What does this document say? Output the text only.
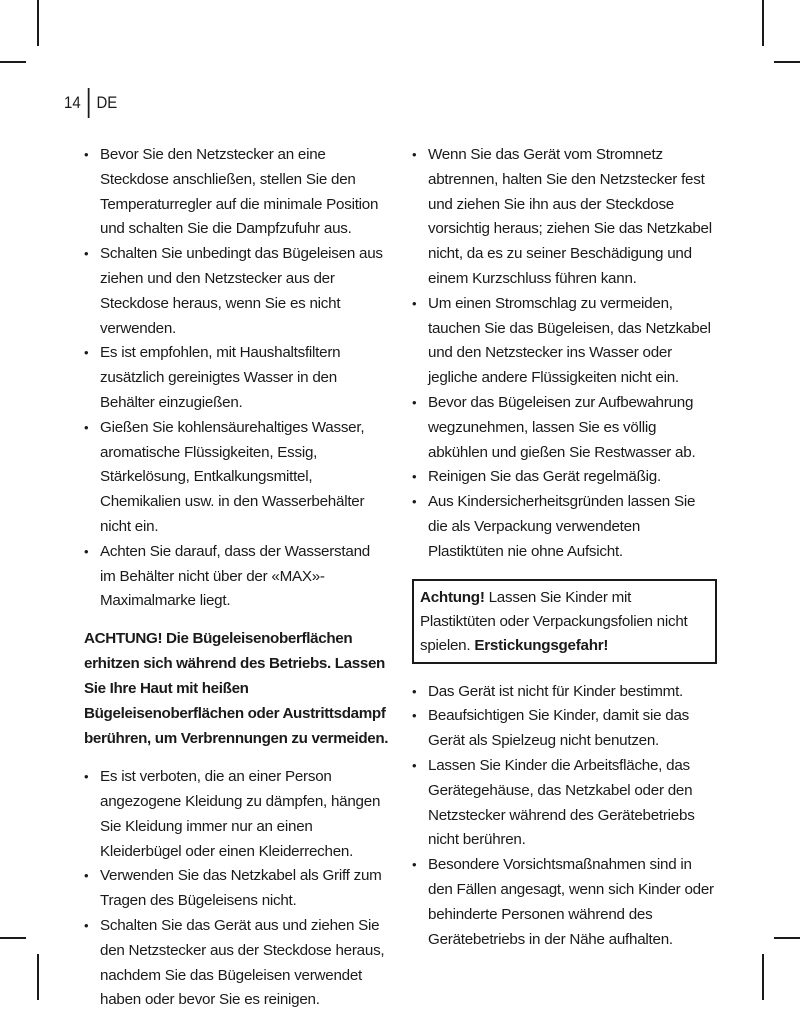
14 DE
• Bevor Sie den Netzstecker an eine Steckdose anschließen, stellen Sie den Temperaturregler auf die minimale Position und schalten Sie die Dampfzufuhr aus.
• Schalten Sie unbedingt das Bügeleisen aus ziehen und den Netzstecker aus der Steckdose heraus, wenn Sie es nicht verwenden.
• Es ist empfohlen, mit Haushaltsfiltern zusätzlich gereinigtes Wasser in den Behälter einzugießen.
• Gießen Sie kohlensäurehaltiges Wasser, aromatische Flüssigkeiten, Essig, Stärkelösung, Entkalkungsmittel, Chemikalien usw. in den Wasserbehälter nicht ein.
• Achten Sie darauf, dass der Wasserstand im Behälter nicht über der «MAX»-Maximalmarke liegt.

ACHTUNG! Die Bügeleisenoberflächen erhitzen sich während des Betriebs. Lassen Sie Ihre Haut mit heißen Bügeleisenoberflächen oder Austrittsdampf berühren, um Verbrennungen zu vermeiden.

• Es ist verboten, die an einer Person angezogene Kleidung zu dämpfen, hängen Sie Kleidung immer nur an einen Kleiderbügel oder einen Kleiderrechen.
• Verwenden Sie das Netzkabel als Griff zum Tragen des Bügeleisens nicht.
• Schalten Sie das Gerät aus und ziehen Sie den Netzstecker aus der Steckdose heraus, nachdem Sie das Bügeleisen verwendet haben oder bevor Sie es reinigen.
• Wenn Sie das Gerät vom Stromnetz abtrennen, halten Sie den Netzstecker fest und ziehen Sie ihn aus der Steckdose vorsichtig heraus; ziehen Sie das Netzkabel nicht, da es zu seiner Beschädigung und einem Kurzschluss führen kann.
• Um einen Stromschlag zu vermeiden, tauchen Sie das Bügeleisen, das Netzkabel und den Netzstecker ins Wasser oder jegliche andere Flüssigkeiten nicht ein.
• Bevor das Bügeleisen zur Aufbewahrung wegzunehmen, lassen Sie es völlig abkühlen und gießen Sie Restwasser ab.
• Reinigen Sie das Gerät regelmäßig.
• Aus Kindersicherheitsgründen lassen Sie die als Verpackung verwendeten Plastiktüten nie ohne Aufsicht.
Achtung! Lassen Sie Kinder mit Plastiktüten oder Verpackungsfolien nicht spielen. Erstickungsgefahr!
• Das Gerät ist nicht für Kinder bestimmt.
• Beaufsichtigen Sie Kinder, damit sie das Gerät als Spielzeug nicht benutzen.
• Lassen Sie Kinder die Arbeitsfläche, das Gerätegehäuse, das Netzkabel oder den Netzstecker während des Gerätebetriebs nicht berühren.
• Besondere Vorsichtsmaßnahmen sind in den Fällen angesagt, wenn sich Kinder oder behinderte Personen während des Gerätebetriebs in der Nähe aufhalten.
